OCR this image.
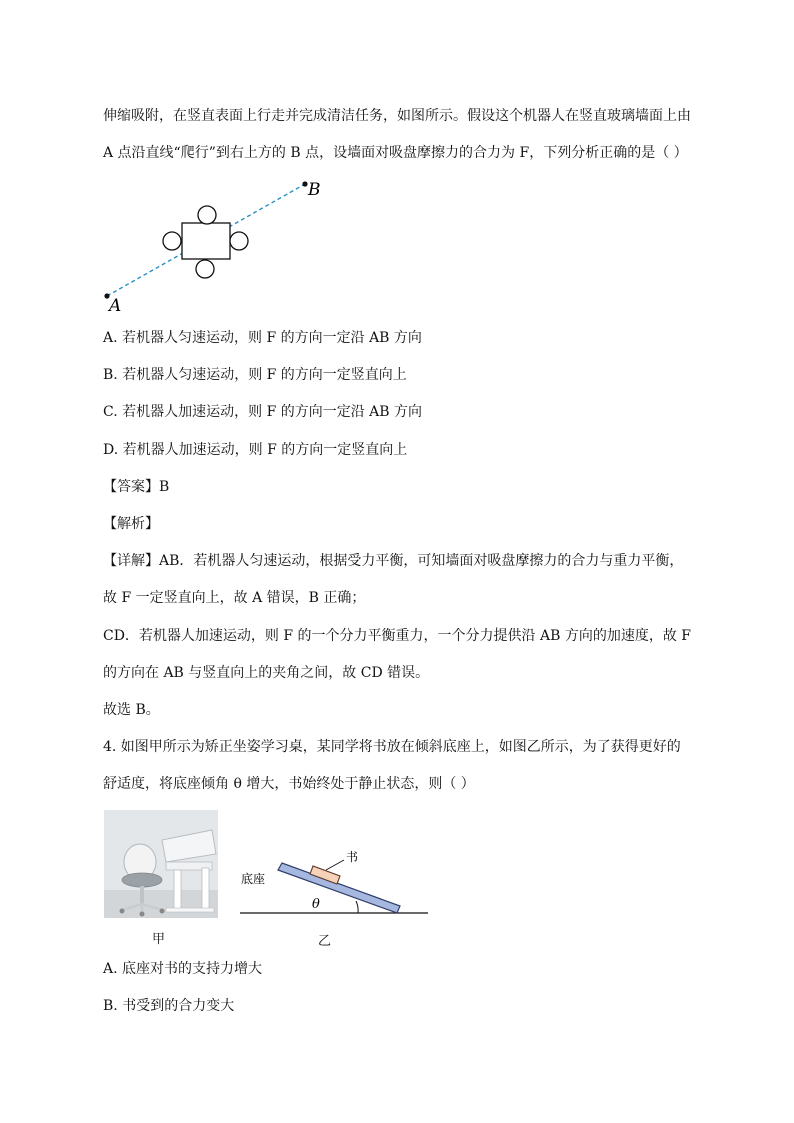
伸缩吸附，在竖直表面上行走并完成清洁任务，如图所示。假设这个机器人在竖直玻璃墙面上由
A 点沿直线“爬行”到右上方的 B 点，设墙面对吸盘摩擦力的合力为 F，下列分析正确的是（ ）
A
B
A. 若机器人匀速运动，则 F 的方向一定沿 AB 方向
B. 若机器人匀速运动，则 F 的方向一定竖直向上
C. 若机器人加速运动，则 F 的方向一定沿 AB 方向
D. 若机器人加速运动，则 F 的方向一定竖直向上
【答案】B
【解析】
【详解】AB．若机器人匀速运动，根据受力平衡，可知墙面对吸盘摩擦力的合力与重力平衡，
故 F 一定竖直向上，故 A 错误，B 正确；
CD．若机器人加速运动，则 F 的一个分力平衡重力，一个分力提供沿 AB 方向的加速度，故 F
的方向在 AB 与竖直向上的夹角之间，故 CD 错误。
故选 B。
4. 如图甲所示为矫正坐姿学习桌，某同学将书放在倾斜底座上，如图乙所示，为了获得更好的
舒适度，将底座倾角 θ 增大，书始终处于静止状态，则（ ）
甲
书
底座
θ
乙
A. 底座对书的支持力增大
B. 书受到的合力变大
